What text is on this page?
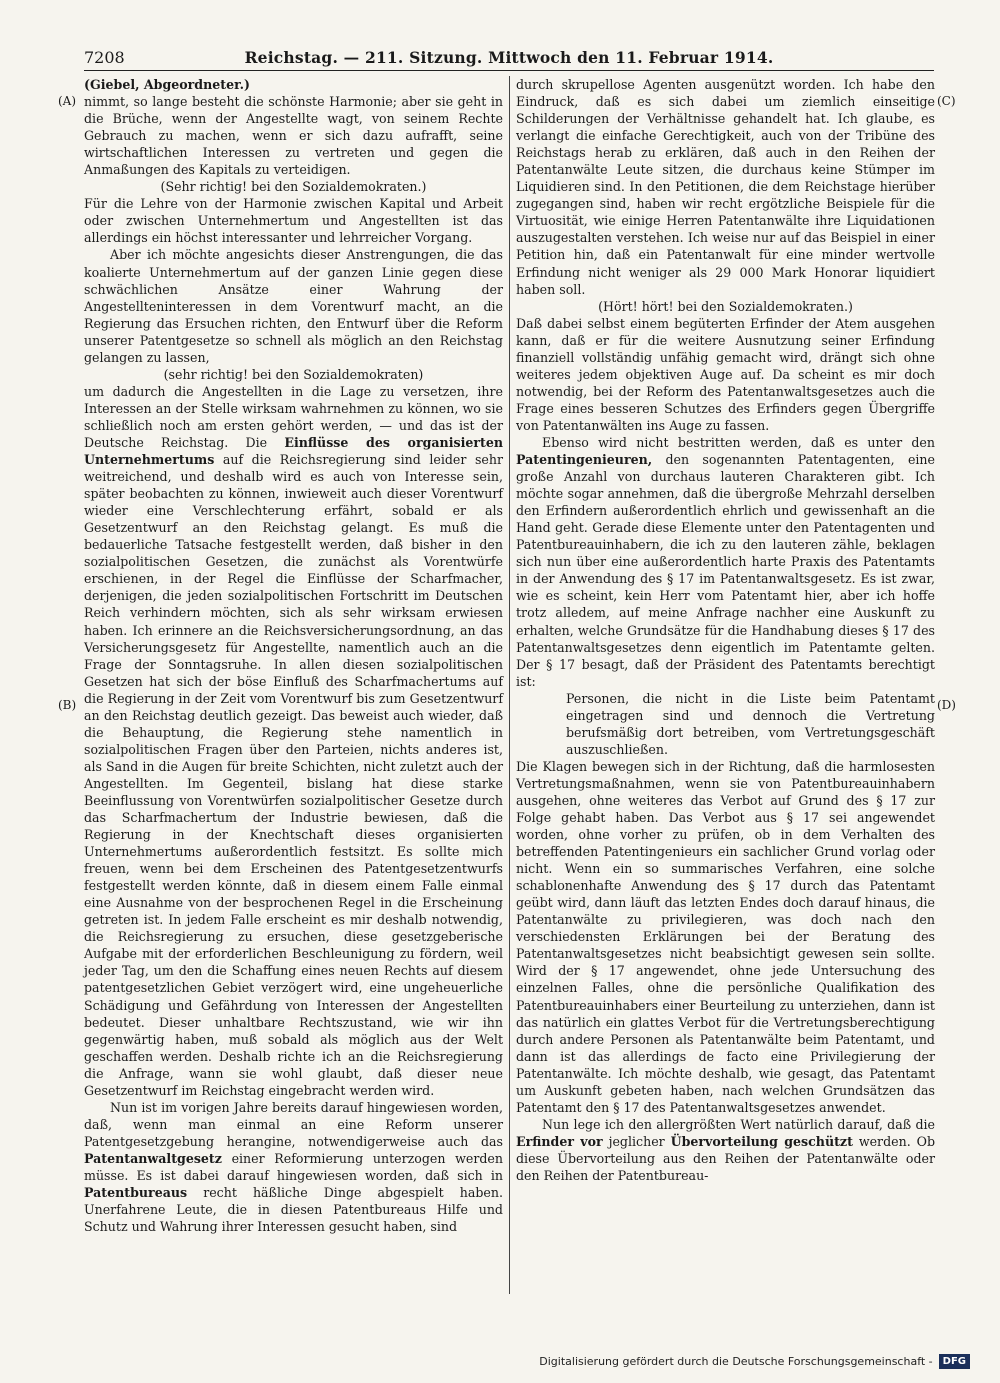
7208	Reichstag. — 211. Sitzung. Mittwoch den 11. Februar 1914.
(A)
(B)
(C)
(D)

(Giebel, Abgeordneter.)

nimmt, so lange besteht die schönste Harmonie; aber sie geht in die Brüche, wenn der Angestellte wagt, von seinem Rechte Gebrauch zu machen, wenn er sich dazu aufrafft, seine wirtschaftlichen Interessen zu vertreten und gegen die Anmaßungen des Kapitals zu verteidigen.

(Sehr richtig! bei den Sozialdemokraten.)

Für die Lehre von der Harmonie zwischen Kapital und Arbeit oder zwischen Unternehmertum und Angestellten ist das allerdings ein höchst interessanter und lehrreicher Vorgang.

Aber ich möchte angesichts dieser Anstrengungen, die das koalierte Unternehmertum auf der ganzen Linie gegen diese schwächlichen Ansätze einer Wahrung der Angestellteninteressen in dem Vorentwurf macht, an die Regierung das Ersuchen richten, den Entwurf über die Reform unserer Patentgesetze so schnell als möglich an den Reichstag gelangen zu lassen,

(sehr richtig! bei den Sozialdemokraten)

um dadurch die Angestellten in die Lage zu versetzen, ihre Interessen an der Stelle wirksam wahrnehmen zu können, wo sie schließlich noch am ersten gehört werden, — und das ist der Deutsche Reichstag. Die Einflüsse des organisierten Unternehmertums auf die Reichsregierung sind leider sehr weitreichend, und deshalb wird es auch von Interesse sein, später beobachten zu können, inwieweit auch dieser Vorentwurf wieder eine Verschlechterung erfährt, sobald er als Gesetzentwurf an den Reichstag gelangt. Es muß die bedauerliche Tatsache festgestellt werden, daß bisher in den sozialpolitischen Gesetzen, die zunächst als Vorentwürfe erschienen, in der Regel die Einflüsse der Scharfmacher, derjenigen, die jeden sozialpolitischen Fortschritt im Deutschen Reich verhindern möchten, sich als sehr wirksam erwiesen haben. Ich erinnere an die Reichsversicherungsordnung, an das Versicherungsgesetz für Angestellte, namentlich auch an die Frage der Sonntagsruhe. In allen diesen sozialpolitischen Gesetzen hat sich der böse Einfluß des Scharfmachertums auf die Regierung in der Zeit vom Vorentwurf bis zum Gesetzentwurf an den Reichstag deutlich gezeigt. Das beweist auch wieder, daß die Behauptung, die Regierung stehe namentlich in sozialpolitischen Fragen über den Parteien, nichts anderes ist, als Sand in die Augen für breite Schichten, nicht zuletzt auch der Angestellten. Im Gegenteil, bislang hat diese starke Beeinflussung von Vorentwürfen sozialpolitischer Gesetze durch das Scharfmachertum der Industrie bewiesen, daß die Regierung in der Knechtschaft dieses organisierten Unternehmertums außerordentlich festsitzt. Es sollte mich freuen, wenn bei dem Erscheinen des Patentgesetzentwurfs festgestellt werden könnte, daß in diesem einem Falle einmal eine Ausnahme von der besprochenen Regel in die Erscheinung getreten ist. In jedem Falle erscheint es mir deshalb notwendig, die Reichsregierung zu ersuchen, diese gesetzgeberische Aufgabe mit der erforderlichen Beschleunigung zu fördern, weil jeder Tag, um den die Schaffung eines neuen Rechts auf diesem patentgesetzlichen Gebiet verzögert wird, eine ungeheuerliche Schädigung und Gefährdung von Interessen der Angestellten bedeutet. Dieser unhaltbare Rechtszustand, wie wir ihn gegenwärtig haben, muß sobald als möglich aus der Welt geschaffen werden. Deshalb richte ich an die Reichsregierung die Anfrage, wann sie wohl glaubt, daß dieser neue Gesetzentwurf im Reichstag eingebracht werden wird.

Nun ist im vorigen Jahre bereits darauf hingewiesen worden, daß, wenn man einmal an eine Reform unserer Patentgesetzgebung herangine, notwendigerweise auch das Patentanwaltgesetz einer Reformierung unterzogen werden müsse. Es ist dabei darauf hingewiesen worden, daß sich in Patentbureaus recht häßliche Dinge abgespielt haben. Unerfahrene Leute, die in diesen Patentbureaus Hilfe und Schutz und Wahrung ihrer Interessen gesucht haben, sind

durch skrupellose Agenten ausgenützt worden. Ich habe den Eindruck, daß es sich dabei um ziemlich einseitige Schilderungen der Verhältnisse gehandelt hat. Ich glaube, es verlangt die einfache Gerechtigkeit, auch von der Tribüne des Reichstags herab zu erklären, daß auch in den Reihen der Patentanwälte Leute sitzen, die durchaus keine Stümper im Liquidieren sind. In den Petitionen, die dem Reichstage hierüber zugegangen sind, haben wir recht ergötzliche Beispiele für die Virtuosität, wie einige Herren Patentanwälte ihre Liquidationen auszugestalten verstehen. Ich weise nur auf das Beispiel in einer Petition hin, daß ein Patentanwalt für eine minder wertvolle Erfindung nicht weniger als 29 000 Mark Honorar liquidiert haben soll.

(Hört! hört! bei den Sozialdemokraten.)

Daß dabei selbst einem begüterten Erfinder der Atem ausgehen kann, daß er für die weitere Ausnutzung seiner Erfindung finanziell vollständig unfähig gemacht wird, drängt sich ohne weiteres jedem objektiven Auge auf. Da scheint es mir doch notwendig, bei der Reform des Patentanwaltsgesetzes auch die Frage eines besseren Schutzes des Erfinders gegen Übergriffe von Patentanwälten ins Auge zu fassen.

Ebenso wird nicht bestritten werden, daß es unter den Patentingenieuren, den sogenannten Patentagenten, eine große Anzahl von durchaus lauteren Charakteren gibt. Ich möchte sogar annehmen, daß die übergroße Mehrzahl derselben den Erfindern außerordentlich ehrlich und gewissenhaft an die Hand geht. Gerade diese Elemente unter den Patentagenten und Patentbureauinhabern, die ich zu den lauteren zähle, beklagen sich nun über eine außerordentlich harte Praxis des Patentamts in der Anwendung des § 17 im Patentanwaltsgesetz. Es ist zwar, wie es scheint, kein Herr vom Patentamt hier, aber ich hoffe trotz alledem, auf meine Anfrage nachher eine Auskunft zu erhalten, welche Grundsätze für die Handhabung dieses § 17 des Patentanwaltsgesetzes denn eigentlich im Patentamte gelten. Der § 17 besagt, daß der Präsident des Patentamts berechtigt ist:

Personen, die nicht in die Liste beim Patentamt eingetragen sind und dennoch die Vertretung berufsmäßig dort betreiben, vom Vertretungsgeschäft auszuschließen.

Die Klagen bewegen sich in der Richtung, daß die harmlosesten Vertretungsmaßnahmen, wenn sie von Patentbureauinhabern ausgehen, ohne weiteres das Verbot auf Grund des § 17 zur Folge gehabt haben. Das Verbot aus § 17 sei angewendet worden, ohne vorher zu prüfen, ob in dem Verhalten des betreffenden Patentingenieurs ein sachlicher Grund vorlag oder nicht. Wenn ein so summarisches Verfahren, eine solche schablonenhafte Anwendung des § 17 durch das Patentamt geübt wird, dann läuft das letzten Endes doch darauf hinaus, die Patentanwälte zu privilegieren, was doch nach den verschiedensten Erklärungen bei der Beratung des Patentanwaltsgesetzes nicht beabsichtigt gewesen sein sollte. Wird der § 17 angewendet, ohne jede Untersuchung des einzelnen Falles, ohne die persönliche Qualifikation des Patentbureauinhabers einer Beurteilung zu unterziehen, dann ist das natürlich ein glattes Verbot für die Vertretungsberechtigung durch andere Personen als Patentanwälte beim Patentamt, und dann ist das allerdings de facto eine Privilegierung der Patentanwälte. Ich möchte deshalb, wie gesagt, das Patentamt um Auskunft gebeten haben, nach welchen Grundsätzen das Patentamt den § 17 des Patentanwaltsgesetzes anwendet.

Nun lege ich den allergrößten Wert natürlich darauf, daß die Erfinder vor jeglicher Übervorteilung geschützt werden. Ob diese Übervorteilung aus den Reihen der Patentanwälte oder den Reihen der Patentbureau-

Digitalisierung gefördert durch die Deutsche Forschungsgemeinschaft -	DFG
